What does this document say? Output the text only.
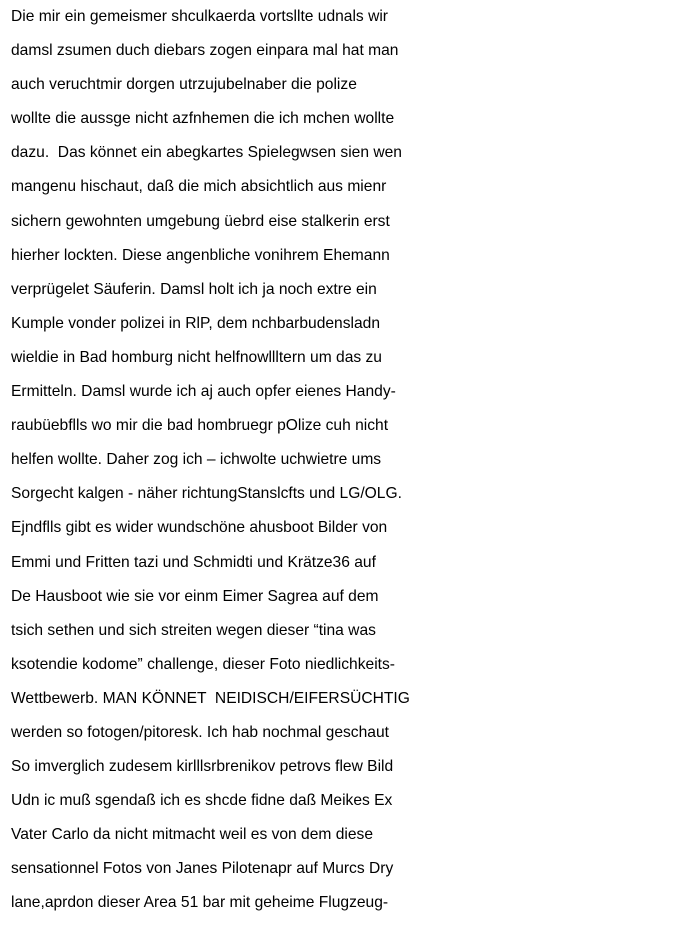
Die mir ein gemeismer shculkaerda vortsllte udnals wir
damsl zsumen duch diebars zogen einpara mal hat man
auch veruchtmir dorgen utrzujubelnaber die polize
wollte die aussge nicht azfnhemen die ich mchen wollte
dazu.  Das könnet ein abegkartes Spielegwsen sien wen
mangenu hischaut, daß die mich absichtlich aus mienr
sichern gewohnten umgebung üebrd eise stalkerin erst
hierher lockten. Diese angenbliche vonihrem Ehemann
verprügelet Säuferin. Damsl holt ich ja noch extre ein
Kumple vonder polizei in RlP, dem nchbarbudensladn
wieldie in Bad homburg nicht helfnowllltern um das zu
Ermitteln. Damsl wurde ich aj auch opfer eienes Handy-
raubüebflls wo mir die bad hombruegr pOlize cuh nicht
helfen wollte. Daher zog ich – ichwolte uchwietre ums
Sorgecht kalgen - näher richtungStanslcfts und LG/OLG.
Ejndflls gibt es wider wundschöne ahusboot Bilder von
Emmi und Fritten tazi und Schmidti und Krätze36 auf
De Hausboot wie sie vor einm Eimer Sagrea auf dem
tsich sethen und sich streiten wegen dieser “tina was
ksotendie kodome” challenge, dieser Foto niedlichkeits-
Wettbewerb. MAN KÖNNET  NEIDISCH/EIFERSÜCHTIG
werden so fotogen/pitoresk. Ich hab nochmal geschaut
So imverglich zudesem kirlllsrbrenikov petrovs flew Bild
Udn ic muß sgendaß ich es shcde fidne daß Meikes Ex
Vater Carlo da nicht mitmacht weil es von dem diese
sensationnel Fotos von Janes Pilotenapr auf Murcs Dry
lane,aprdon dieser Area 51 bar mit geheime Flugzeug-
